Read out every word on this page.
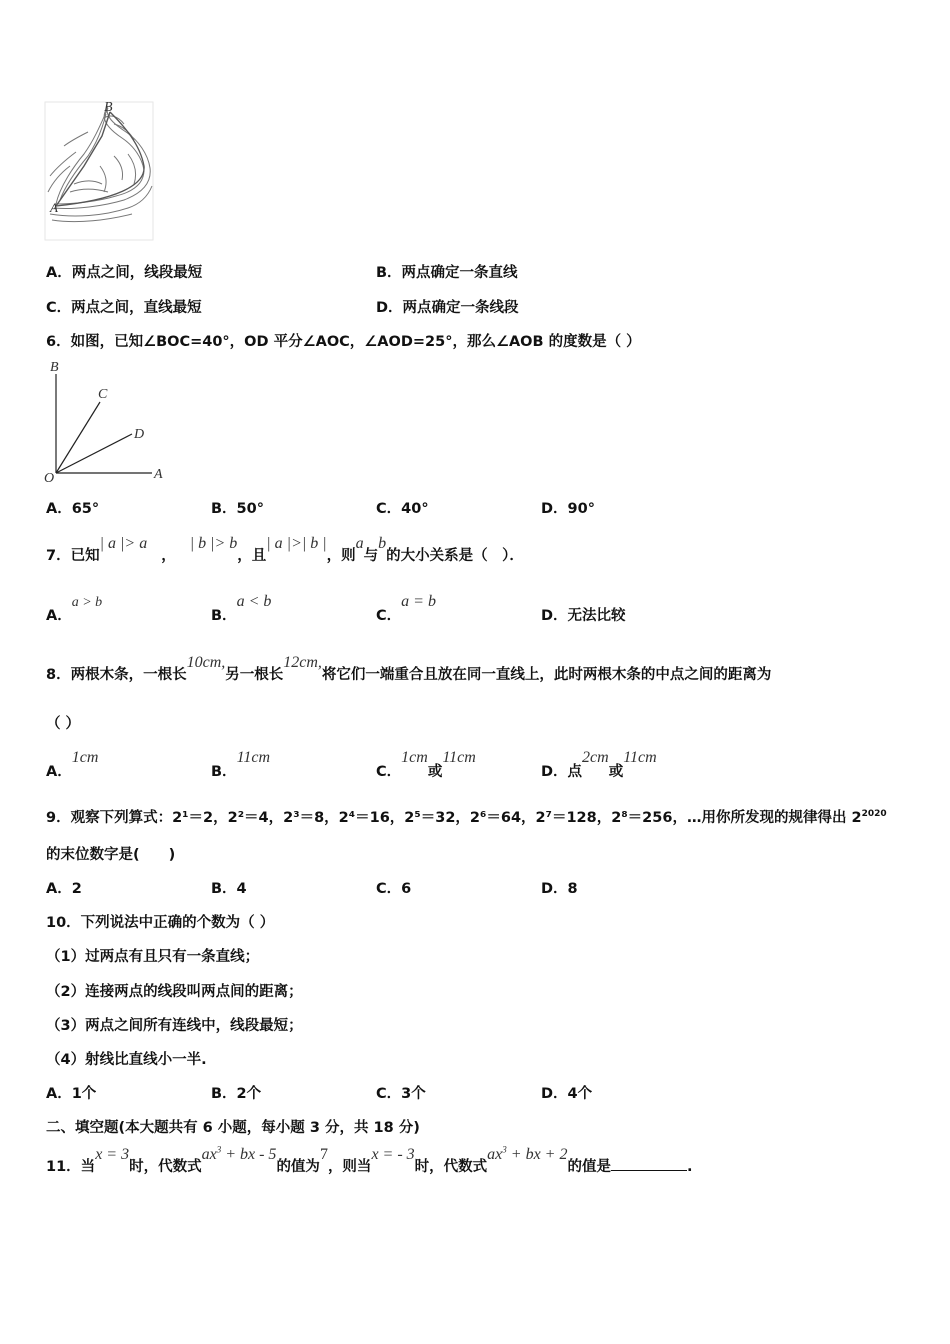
B
A
A．两点之间，线段最短	B．两点确定一条直线
C．两点之间，直线最短	D．两点确定一条线段
6．如图，已知∠BOC=40°，OD 平分∠AOC，∠AOD=25°，那么∠AOB 的度数是（ ）
B
C
D
O	A
A．65°	B．50°	C．40°	D．90°
7．已知| a |> a，| b |> b，且| a |>| b |，则a与b的大小关系是（　）．
A．a > b
B．a < b
C．a = b
D．无法比较
8．两根木条，一根长10cm,另一根长12cm,将它们一端重合且放在同一直线上，此时两根木条的中点之间的距离为
（ ）
A．1cm
B．11cm
C．1cm或11cm
D．点2cm或11cm
9．观察下列算式：2¹＝2，2²＝4，2³＝8，2⁴＝16，2⁵＝32，2⁶＝64，2⁷＝128，2⁸＝256，…用你所发现的规律得出 $2^{2020}$
的末位数字是(　　)
A．2	B．4	C．6	D．8
10．下列说法中正确的个数为（ ）
（1）过两点有且只有一条直线；
（2）连接两点的线段叫两点间的距离；
（3）两点之间所有连线中，线段最短；
（4）射线比直线小一半.
A．1个	B．2个	C．3个	D．4个
二、填空题(本大题共有 6 小题，每小题 3 分，共 18 分)
11．当x = 3时，代数式$ax^3$ + bx - 5的值为7，则当x = - 3时，代数式$ax^3$ + bx + 2的值是	.
